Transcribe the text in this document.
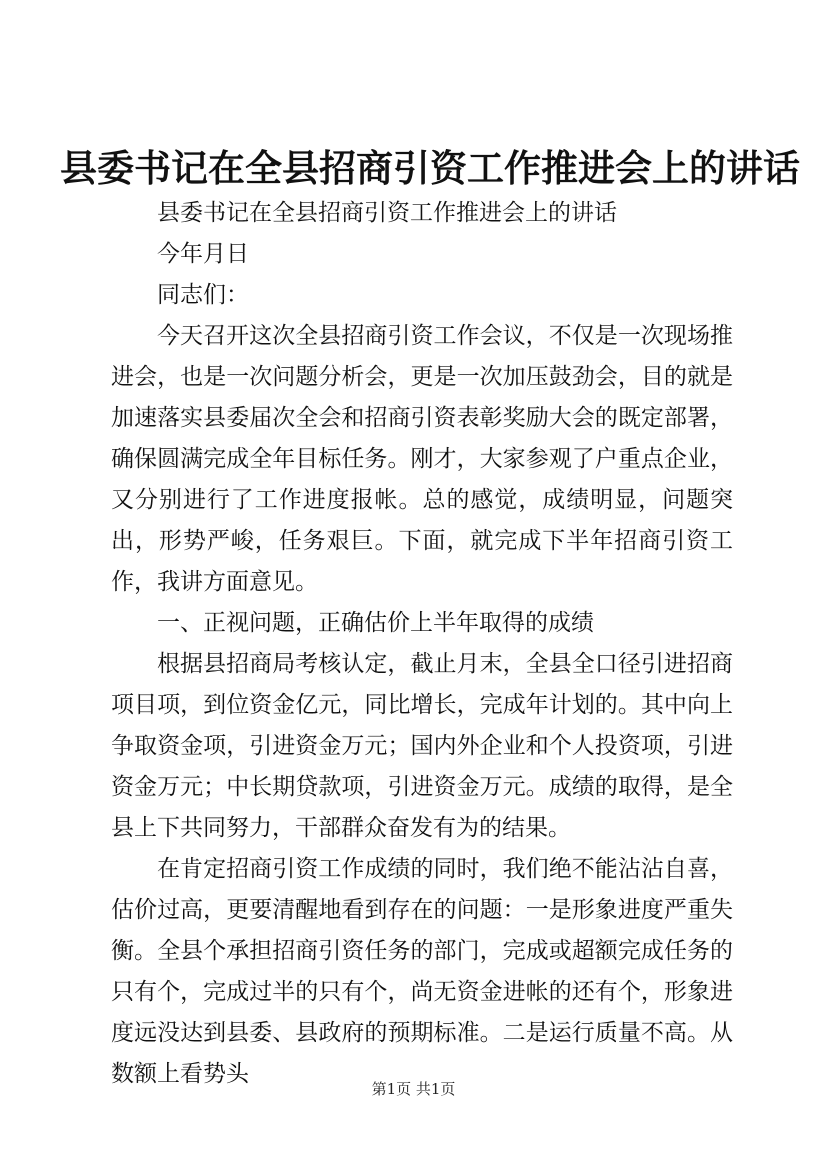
县委书记在全县招商引资工作推进会上的讲话

县委书记在全县招商引资工作推进会上的讲话

今年月日

同志们：

今天召开这次全县招商引资工作会议，不仅是一次现场推进会，也是一次问题分析会，更是一次加压鼓劲会，目的就是加速落实县委届次全会和招商引资表彰奖励大会的既定部署，确保圆满完成全年目标任务。刚才，大家参观了户重点企业，又分别进行了工作进度报帐。总的感觉，成绩明显，问题突出，形势严峻，任务艰巨。下面，就完成下半年招商引资工作，我讲方面意见。

一、正视问题，正确估价上半年取得的成绩

根据县招商局考核认定，截止月末，全县全口径引进招商项目项，到位资金亿元，同比增长，完成年计划的。其中向上争取资金项，引进资金万元；国内外企业和个人投资项，引进资金万元；中长期贷款项，引进资金万元。成绩的取得，是全县上下共同努力，干部群众奋发有为的结果。

在肯定招商引资工作成绩的同时，我们绝不能沾沾自喜，估价过高，更要清醒地看到存在的问题：一是形象进度严重失衡。全县个承担招商引资任务的部门，完成或超额完成任务的只有个，完成过半的只有个，尚无资金进帐的还有个，形象进度远没达到县委、县政府的预期标准。二是运行质量不高。从数额上看势头

第1页 共1页
